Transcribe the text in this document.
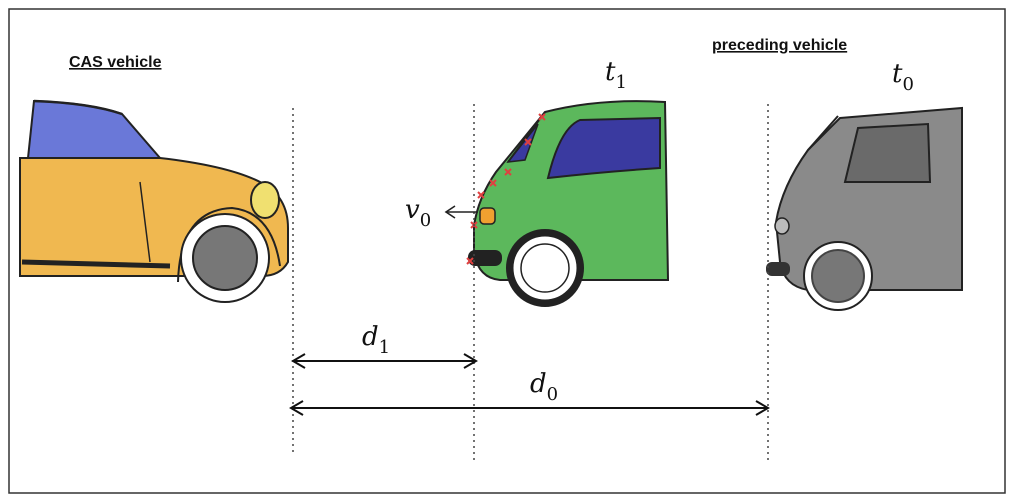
CAS vehicle
preceding vehicle
$t_1$	$t_0$
$v_0$
$d_1$
$d_0$
